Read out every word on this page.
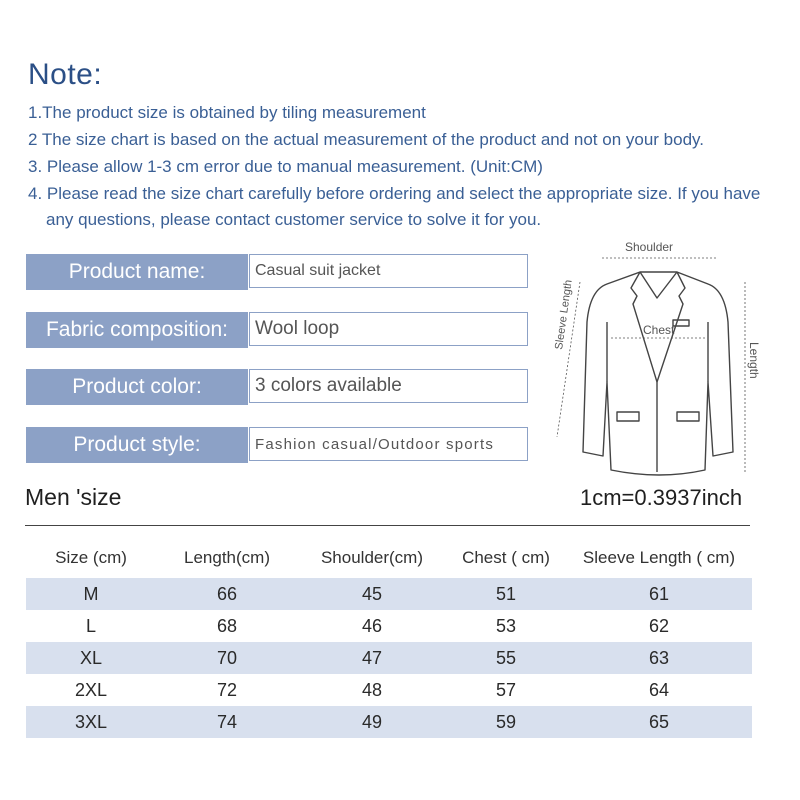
Note:
1.The product size is obtained by tiling measurement
2 The size chart is based on the actual measurement of the product and not on your body.
3. Please allow 1-3 cm error due to manual measurement. (Unit:CM)
4. Please read the size chart carefully before ordering and select the appropriate size. If you have
any questions, please contact customer service to solve it for you.
Product name:	Casual suit jacket
Fabric composition:	Wool loop
Product color:	3 colors available
Product style:	Fashion casual/Outdoor sports
Shoulder
Length
Sleeve Length	Chest
Men 'size	1cm=0.3937inch
Size (cm)	Length(cm)	Shoulder(cm)	Chest ( cm)	Sleeve Length ( cm)
M	66	45	51	61
L	68	46	53	62
XL	70	47	55	63
2XL	72	48	57	64
3XL	74	49	59	65
